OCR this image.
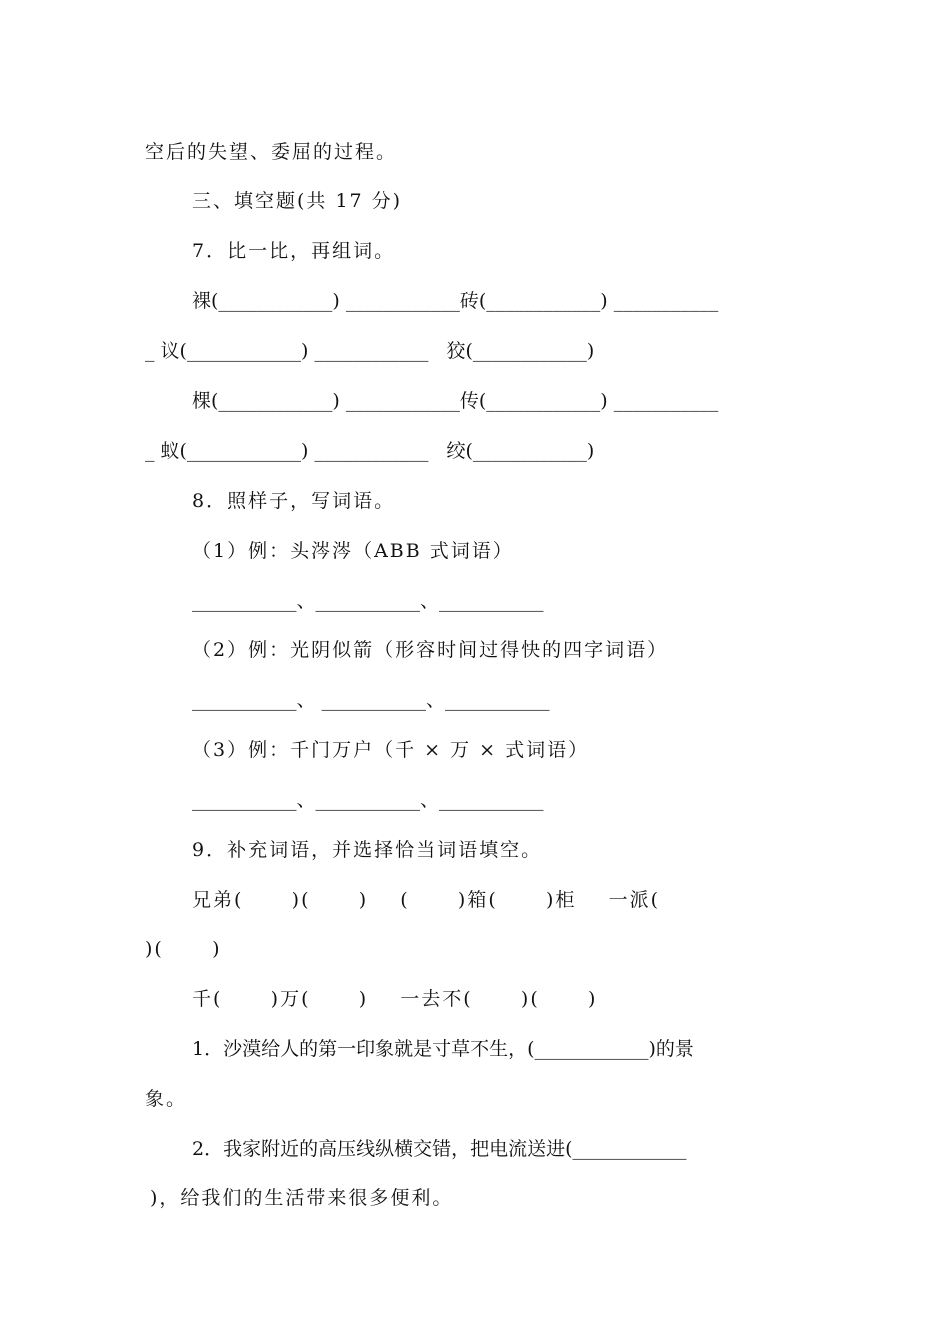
空后的失望、委屈的过程。
三、填空题(共 17 分)
7．比一比，再组词。
裸(____________) ____________砖(____________) ___________
_ 议(____________) ____________   狡(____________)
棵(____________) ____________传(____________) ___________
_ 蚁(____________) ____________   绞(____________)
8．照样子，写词语。
（1）例：头涔涔（ABB 式词语）
___________、___________、___________
（2）例：光阴似箭（形容时间过得快的四字词语）
___________、 ___________、___________
（3）例：千门万户（千 × 万 × 式词语）
___________、___________、___________
9．补充词语，并选择恰当词语填空。
兄弟(      )(      )    (      )箱(      )柜    一派(
)(      )
千(      )万(      )    一去不(      )(      )
1．沙漠给人的第一印象就是寸草不生，(____________)的景
象。
2．我家附近的高压线纵横交错，把电流送进(____________
)，给我们的生活带来很多便利。
